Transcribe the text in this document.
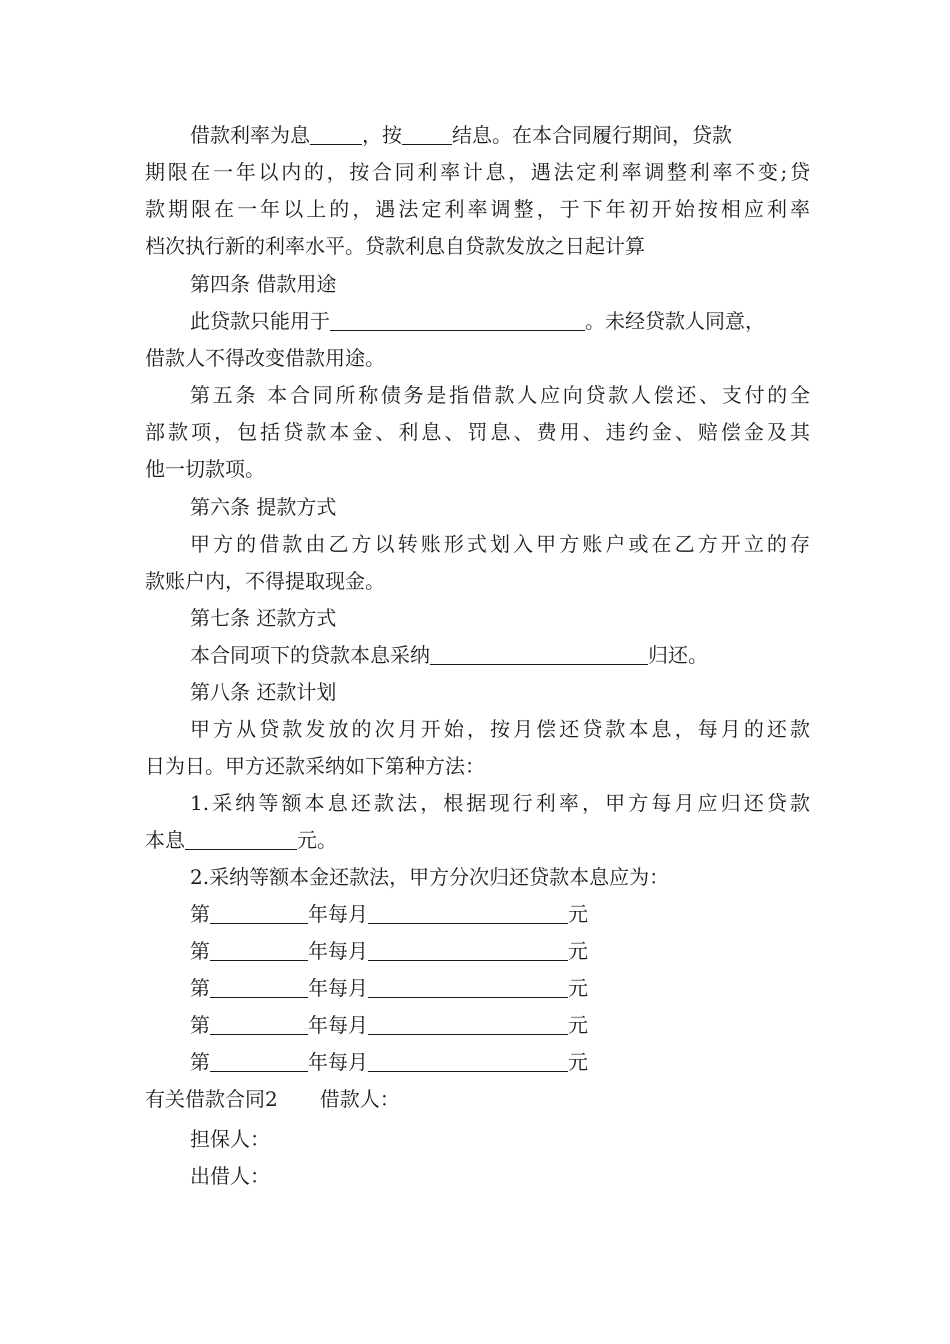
借款利率为息	，按	结息。在本合同履行期间，贷款
期限在一年以内的，按合同利率计息，遇法定利率调整利率不变;贷
款期限在一年以上的，遇法定利率调整，于下年初开始按相应利率
档次执行新的利率水平。贷款利息自贷款发放之日起计算
第四条 借款用途
此贷款只能用于	。未经贷款人同意，
借款人不得改变借款用途。
第五条 本合同所称债务是指借款人应向贷款人偿还、支付的全
部款项，包括贷款本金、利息、罚息、费用、违约金、赔偿金及其
他一切款项。
第六条 提款方式
甲方的借款由乙方以转账形式划入甲方账户或在乙方开立的存
款账户内，不得提取现金。
第七条 还款方式
本合同项下的贷款本息采纳	归还。
第八条 还款计划
甲方从贷款发放的次月开始，按月偿还贷款本息，每月的还款
日为日。甲方还款采纳如下第种方法：
1.采纳等额本息还款法，根据现行利率，甲方每月应归还贷款
本息	元。
2.采纳等额本金还款法，甲方分次归还贷款本息应为：
第	年每月	元
第	年每月	元
第	年每月	元
第	年每月	元
第	年每月	元
有关借款合同2 借款人：
担保人：
出借人：
